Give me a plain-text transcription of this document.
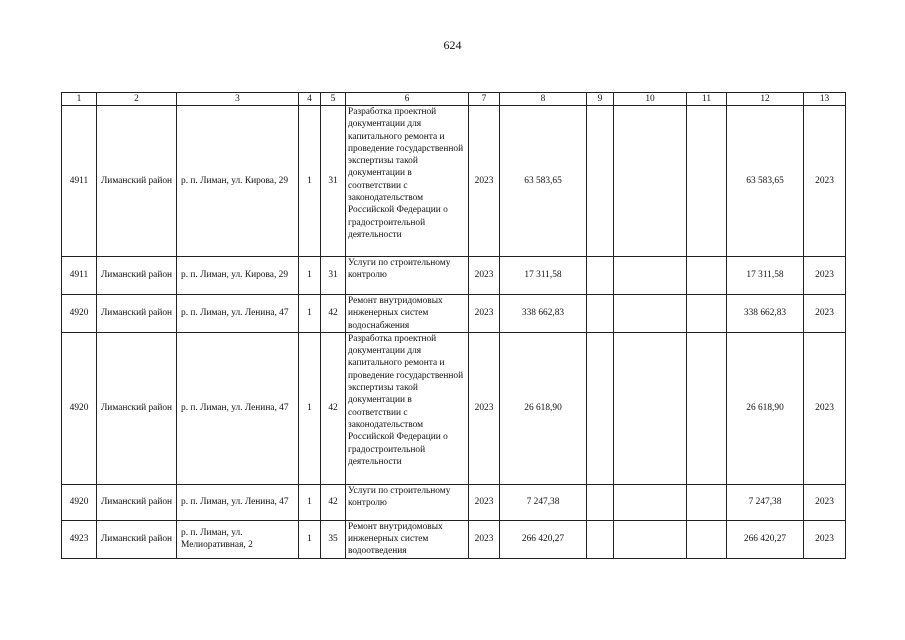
624
1	2	3	4	5	6	7	8	9	10	11	12	13
4911	Лиманский район	р. п. Лиман, ул. Кирова, 29	1	31	Разработка проектной документации для капитального ремонта и проведение государственной экспертизы такой документации в соответствии с законодательством Российской Федерации о градостроительной деятельности	2023	63 583,65				63 583,65	2023
4911	Лиманский район	р. п. Лиман, ул. Кирова, 29	1	31	Услуги по строительному контролю	2023	17 311,58				17 311,58	2023
4920	Лиманский район	р. п. Лиман, ул. Ленина, 47	1	42	Ремонт внутридомовых инженерных систем водоснабжения	2023	338 662,83				338 662,83	2023
4920	Лиманский район	р. п. Лиман, ул. Ленина, 47	1	42	Разработка проектной документации для капитального ремонта и проведение государственной экспертизы такой документации в соответствии с законодательством Российской Федерации о градостроительной деятельности	2023	26 618,90				26 618,90	2023
4920	Лиманский район	р. п. Лиман, ул. Ленина, 47	1	42	Услуги по строительному контролю	2023	7 247,38				7 247,38	2023
4923	Лиманский район	р. п. Лиман, ул. Мелиоративная, 2	1	35	Ремонт внутридомовых инженерных систем водоотведения	2023	266 420,27				266 420,27	2023
